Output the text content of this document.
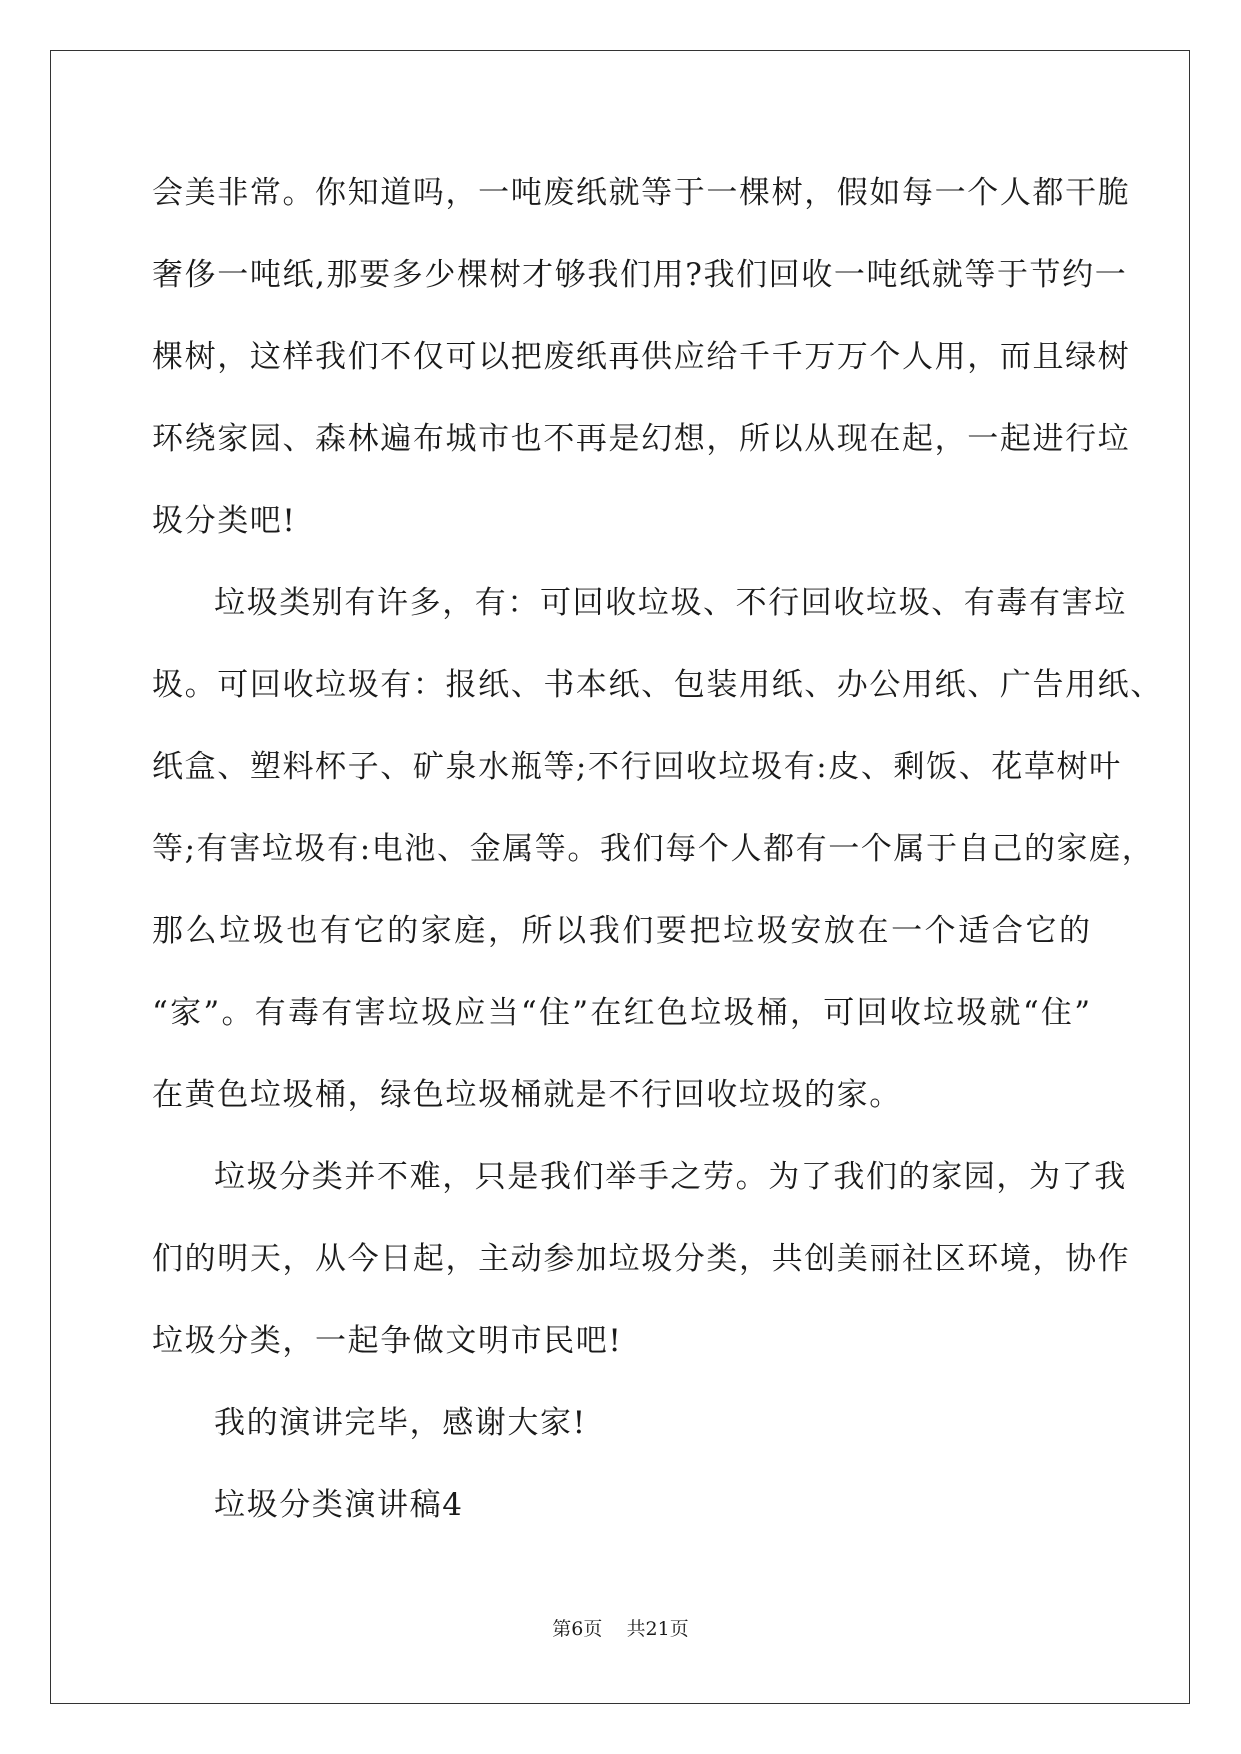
会 美 非 常 。 你 知 道 吗 ， 一 吨 废 纸 就 等 于 一 棵 树 ， 假 如 每 一 个 人 都 干 脆
奢 侈 一 吨 纸 , 那 要 多 少 棵 树 才 够 我 们 用 ? 我 们 回 收 一 吨 纸 就 等 于 节 约 一
棵 树 ， 这 样 我 们 不 仅 可 以 把 废 纸 再 供 应 给 千 千 万 万 个 人 用 ， 而 且 绿 树
环 绕 家 园 、 森 林 遍 布 城 市 也 不 再 是 幻 想 ， 所 以 从 现 在 起 ， 一 起 进 行 垃
圾分类吧!
垃圾类别有许多，有：可回收垃圾、不行回收垃圾、有毒有害垃
圾 。 可 回 收 垃 圾 有 ： 报 纸 、 书 本 纸 、 包 装 用 纸 、 办 公 用 纸 、 广 告 用 纸 、
纸 盒 、 塑 料 杯 子 、 矿 泉 水 瓶 等 ; 不 行 回 收 垃 圾 有 : 皮 、 剩 饭 、 花 草 树 叶
等 ; 有 害 垃 圾 有 : 电 池 、 金 属 等 。 我 们 每 个 人 都 有 一 个 属 于 自 己 的 家 庭 ，
那 么 垃 圾 也 有 它 的 家 庭 ， 所 以 我 们 要 把 垃 圾 安 放 在 一 个 适 合 它 的
“ 家 ” 。 有 毒 有 害 垃 圾 应 当 “ 住 ” 在 红 色 垃 圾 桶 ， 可 回 收 垃 圾 就 “ 住 ”
在黄色垃圾桶，绿色垃圾桶就是不行回收垃圾的家。
垃圾分类并不难，只是我们举手之劳。为了我们的家园，为了我
们 的 明 天 ， 从 今 日 起 ， 主 动 参 加 垃 圾 分 类 ， 共 创 美 丽 社 区 环 境 ， 协 作
垃圾分类，一起争做文明市民吧!
我的演讲完毕，感谢大家!
垃圾分类演讲稿4
第6页 共21页
